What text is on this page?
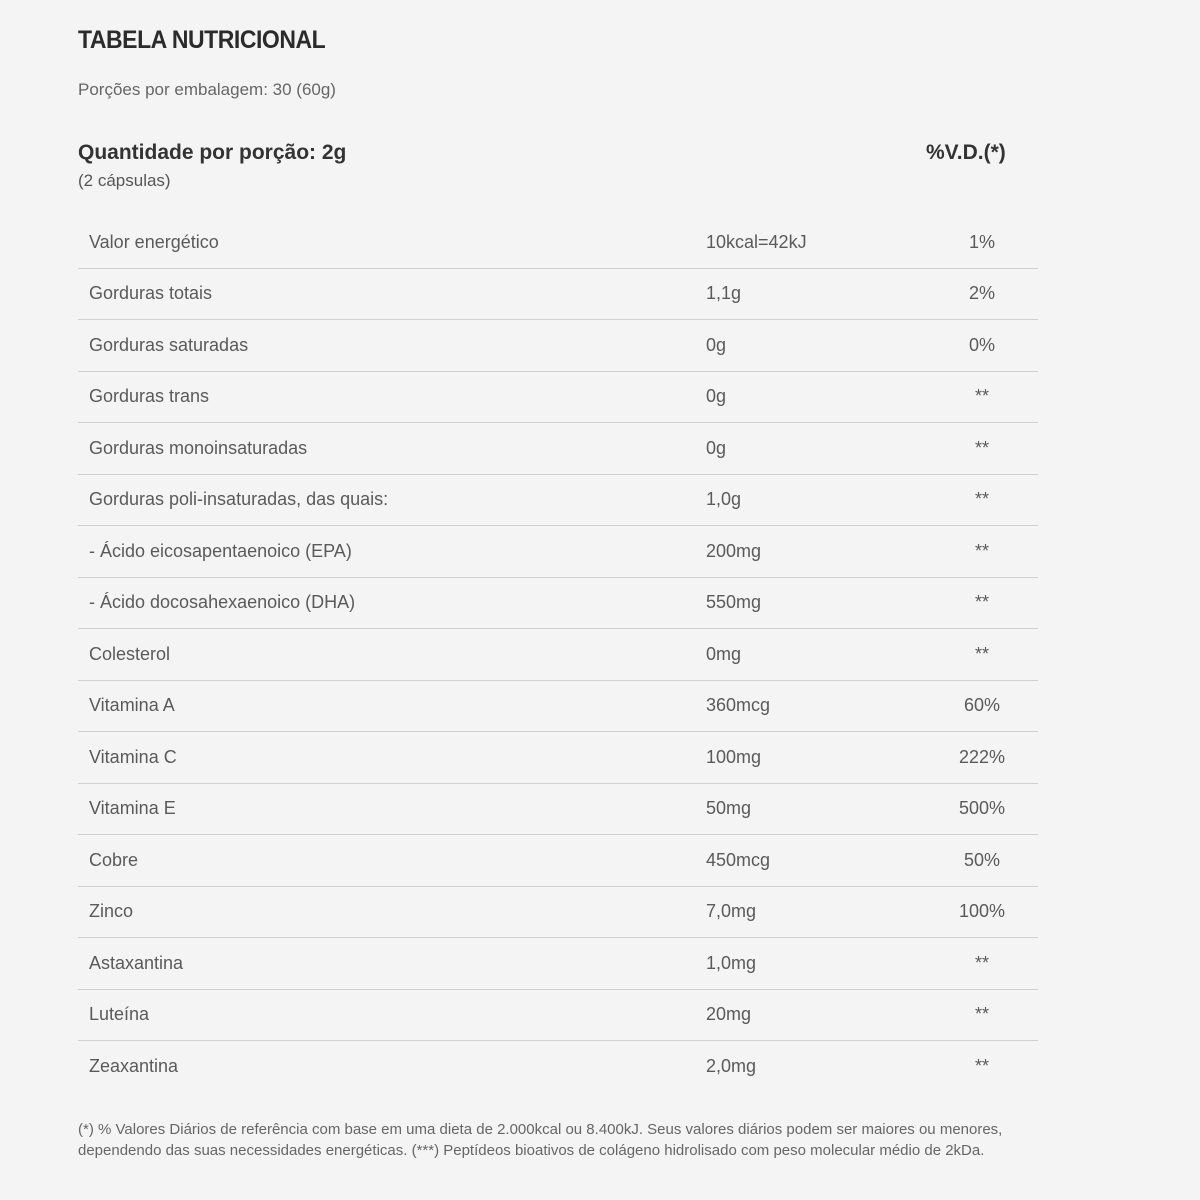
TABELA NUTRICIONAL
Porções por embalagem: 30 (60g)
Quantidade por porção: 2g
(2 cápsulas)
%V.D.(*)
Valor energético	10kcal=42kJ	1%
Gorduras totais	1,1g	2%
Gorduras saturadas	0g	0%
Gorduras trans	0g	**
Gorduras monoinsaturadas	0g	**
Gorduras poli-insaturadas, das quais:	1,0g	**
- Ácido eicosapentaenoico (EPA)	200mg	**
- Ácido docosahexaenoico (DHA)	550mg	**
Colesterol	0mg	**
Vitamina A	360mcg	60%
Vitamina C	100mg	222%
Vitamina E	50mg	500%
Cobre	450mcg	50%
Zinco	7,0mg	100%
Astaxantina	1,0mg	**
Luteína	20mg	**
Zeaxantina	2,0mg	**
(*) % Valores Diários de referência com base em uma dieta de 2.000kcal ou 8.400kJ. Seus valores diários podem ser maiores ou menores, dependendo das suas necessidades energéticas. (***) Peptídeos bioativos de colágeno hidrolisado com peso molecular médio de 2kDa.
